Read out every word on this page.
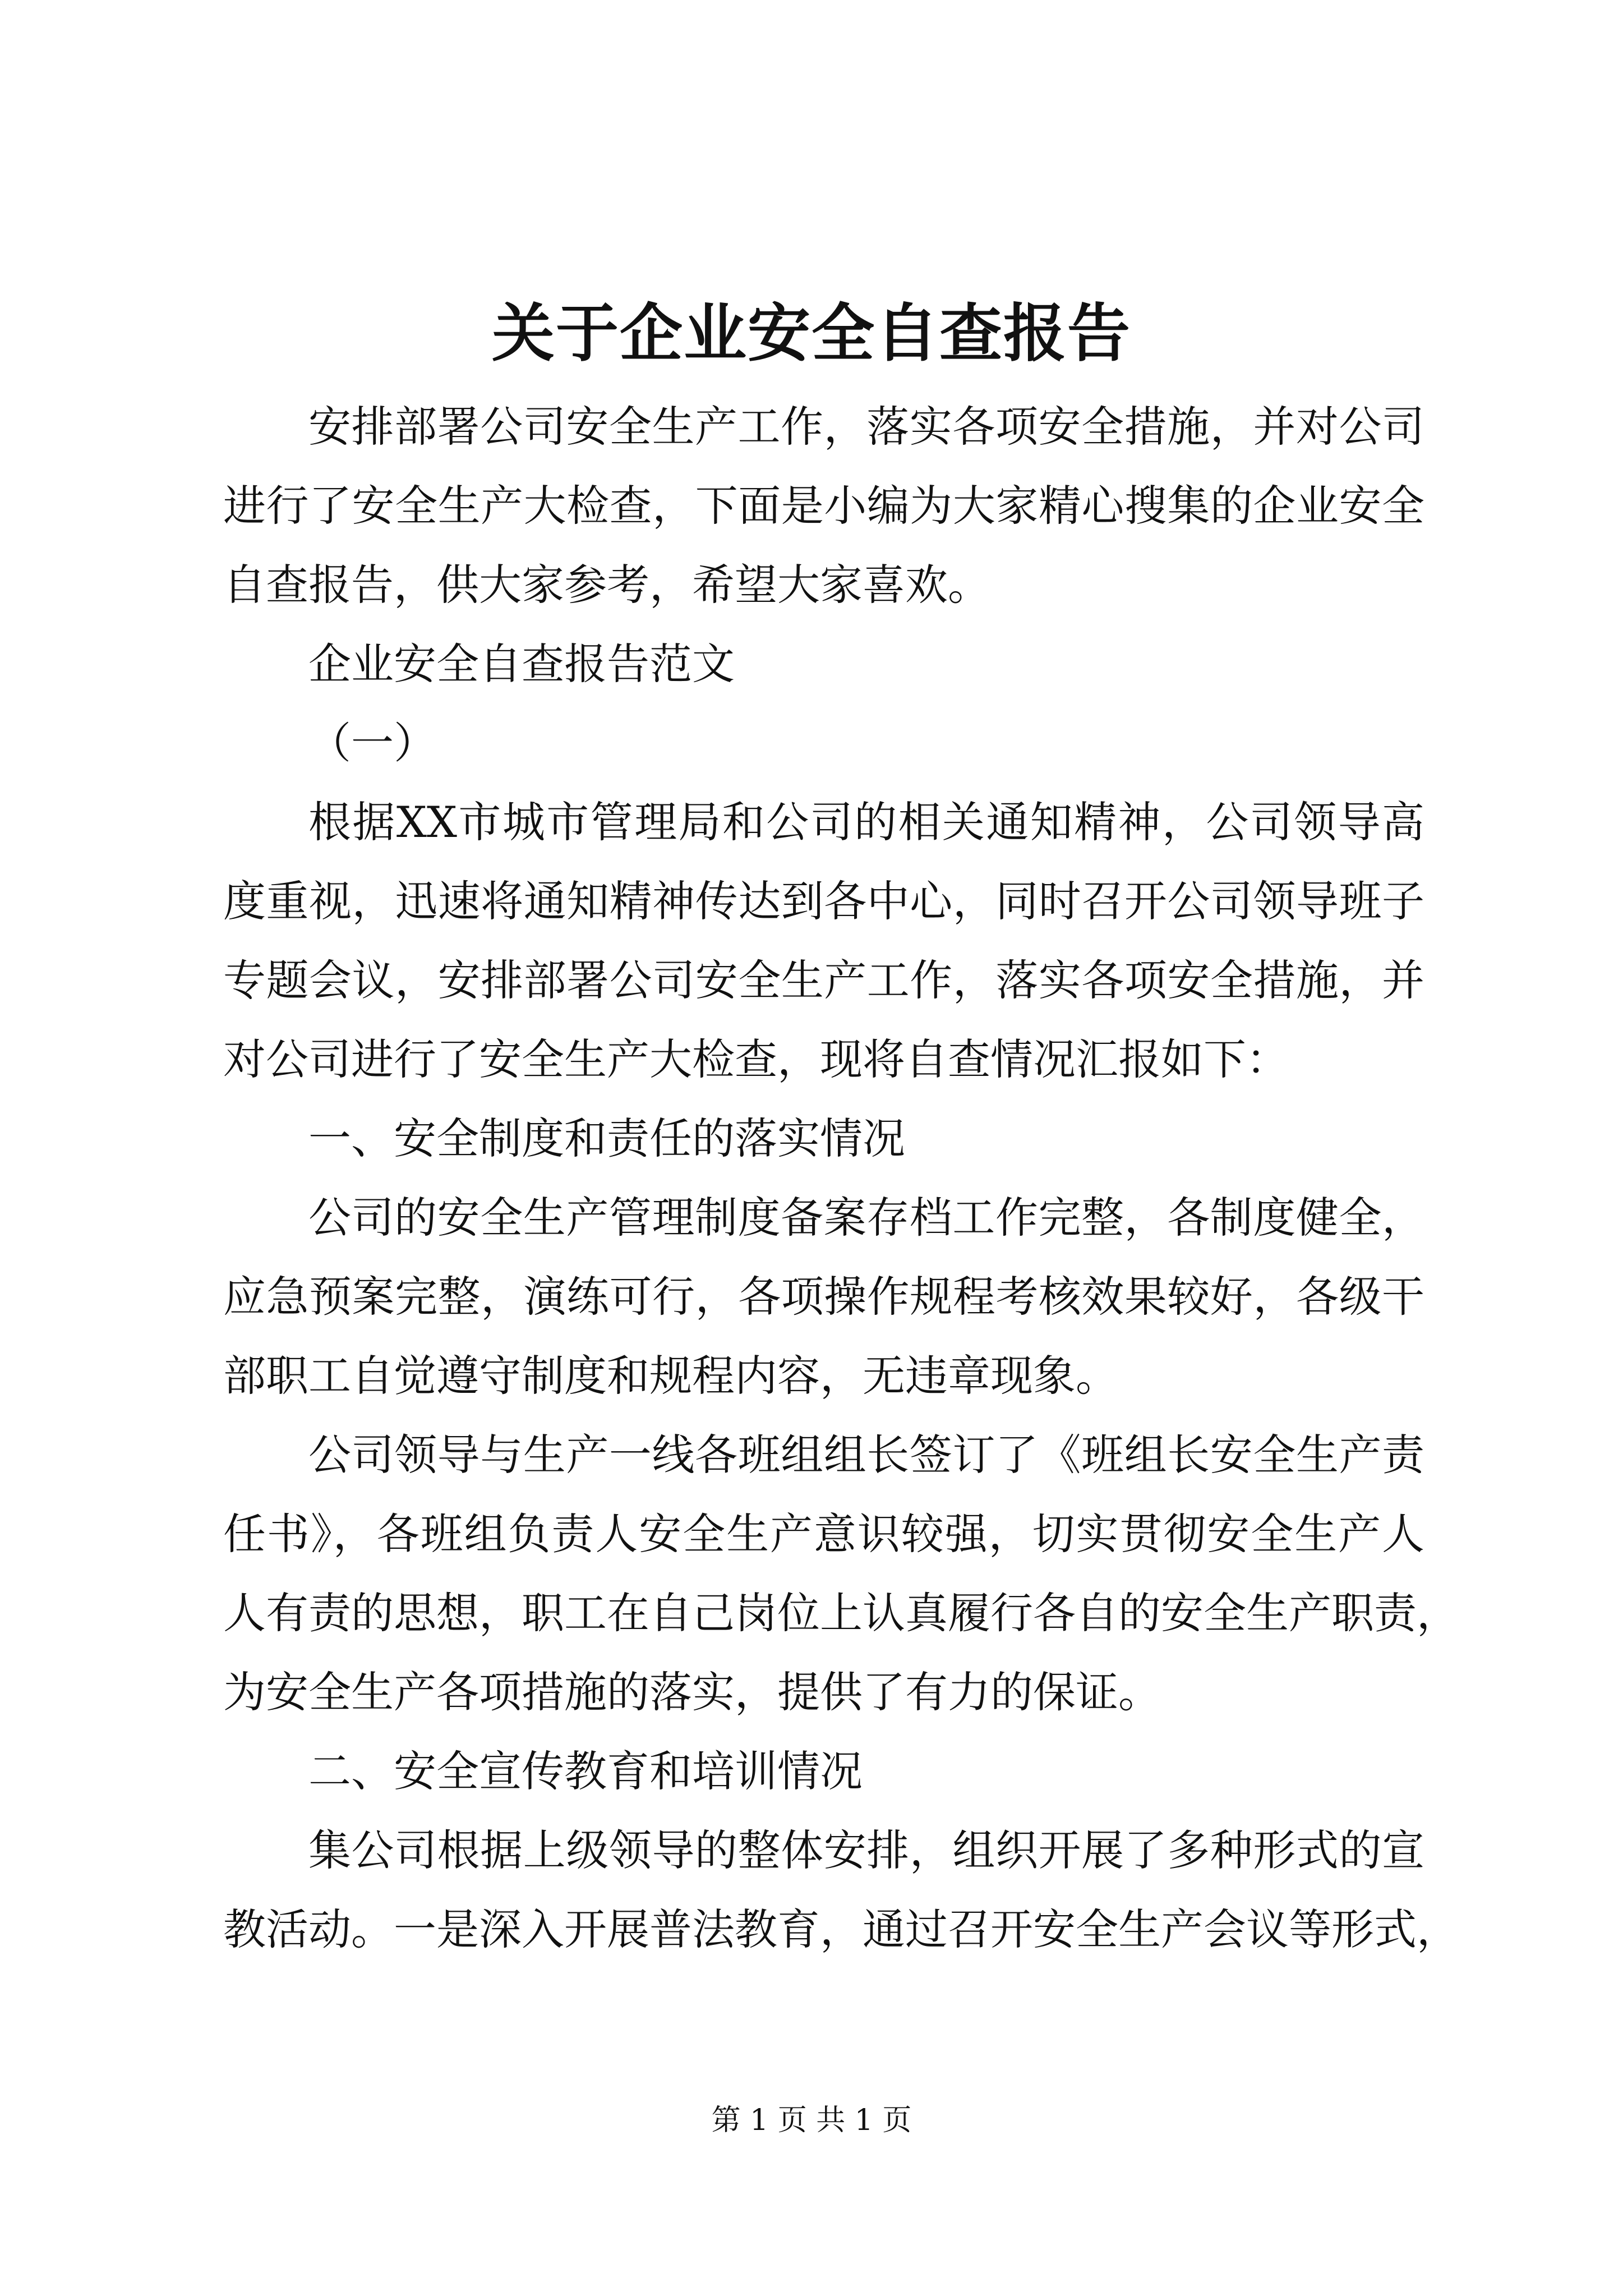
关于企业安全自查报告
安排部署公司安全生产工作，落实各项安全措施，并对公司
进行了安全生产大检查，下面是小编为大家精心搜集的企业安全
自查报告，供大家参考，希望大家喜欢。
企业安全自查报告范文
（一）
根据XX市城市管理局和公司的相关通知精神，公司领导高
度重视，迅速将通知精神传达到各中心，同时召开公司领导班子
专题会议，安排部署公司安全生产工作，落实各项安全措施，并
对公司进行了安全生产大检查，现将自查情况汇报如下：
一、安全制度和责任的落实情况
公司的安全生产管理制度备案存档工作完整，各制度健全，
应急预案完整，演练可行，各项操作规程考核效果较好，各级干
部职工自觉遵守制度和规程内容，无违章现象。
公司领导与生产一线各班组组长签订了《班组长安全生产责
任书》，各班组负责人安全生产意识较强，切实贯彻安全生产人
人有责的思想，职工在自己岗位上认真履行各自的安全生产职责，
为安全生产各项措施的落实，提供了有力的保证。
二、安全宣传教育和培训情况
集公司根据上级领导的整体安排，组织开展了多种形式的宣
教活动。一是深入开展普法教育，通过召开安全生产会议等形式，
第 1 页 共 1 页
